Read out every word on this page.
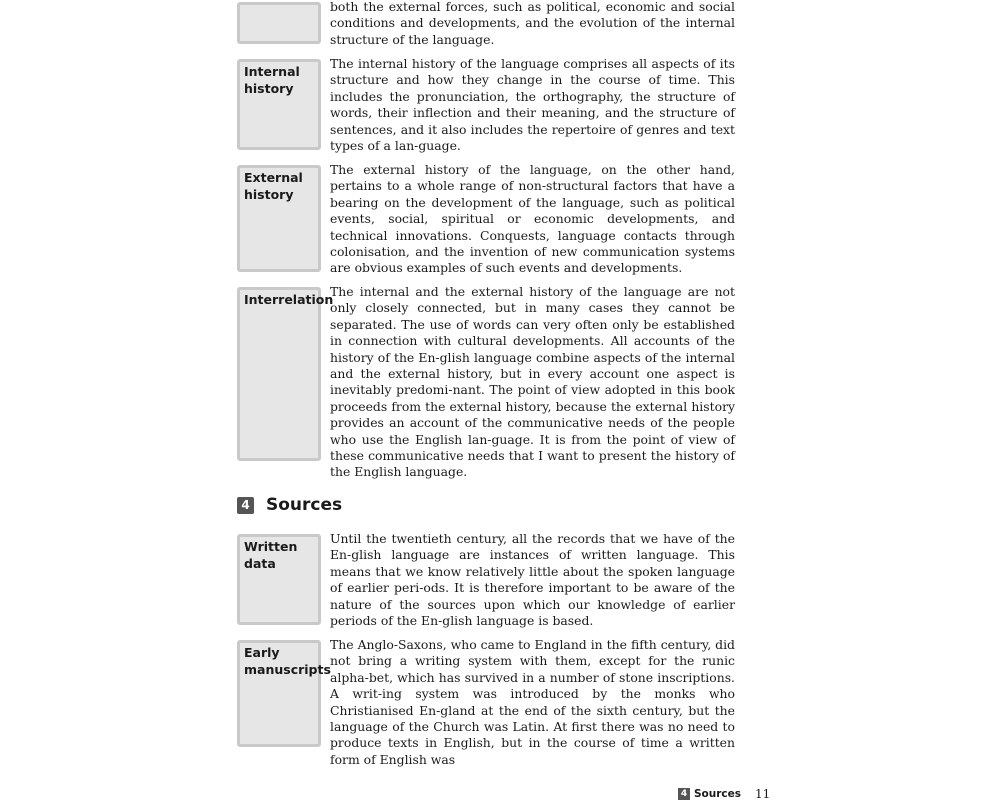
both the external forces, such as political, economic and social conditions and developments, and the evolution of the internal structure of the language.
Internal history
The internal history of the language comprises all aspects of its structure and how they change in the course of time. This includes the pronunciation, the orthography, the structure of words, their inflection and their meaning, and the structure of sentences, and it also includes the repertoire of genres and text types of a lan-guage.
External history
The external history of the language, on the other hand, pertains to a whole range of non-structural factors that have a bearing on the development of the language, such as political events, social, spiritual or economic developments, and technical innovations. Conquests, language contacts through colonisation, and the invention of new communication systems are obvious examples of such events and developments.
Interrelation
The internal and the external history of the language are not only closely connected, but in many cases they cannot be separated. The use of words can very often only be established in connection with cultural developments. All accounts of the history of the En-glish language combine aspects of the internal and the external history, but in every account one aspect is inevitably predomi-nant. The point of view adopted in this book proceeds from the external history, because the external history provides an account of the communicative needs of the people who use the English lan-guage. It is from the point of view of these communicative needs that I want to present the history of the English language.
4 Sources
Written data
Until the twentieth century, all the records that we have of the En-glish language are instances of written language. This means that we know relatively little about the spoken language of earlier peri-ods. It is therefore important to be aware of the nature of the sources upon which our knowledge of earlier periods of the En-glish language is based.
Early manuscripts
The Anglo-Saxons, who came to England in the fifth century, did not bring a writing system with them, except for the runic alpha-bet, which has survived in a number of stone inscriptions. A writ-ing system was introduced by the monks who Christianised En-gland at the end of the sixth century, but the language of the Church was Latin. At first there was no need to produce texts in English, but in the course of time a written form of English was
4 Sources 11
